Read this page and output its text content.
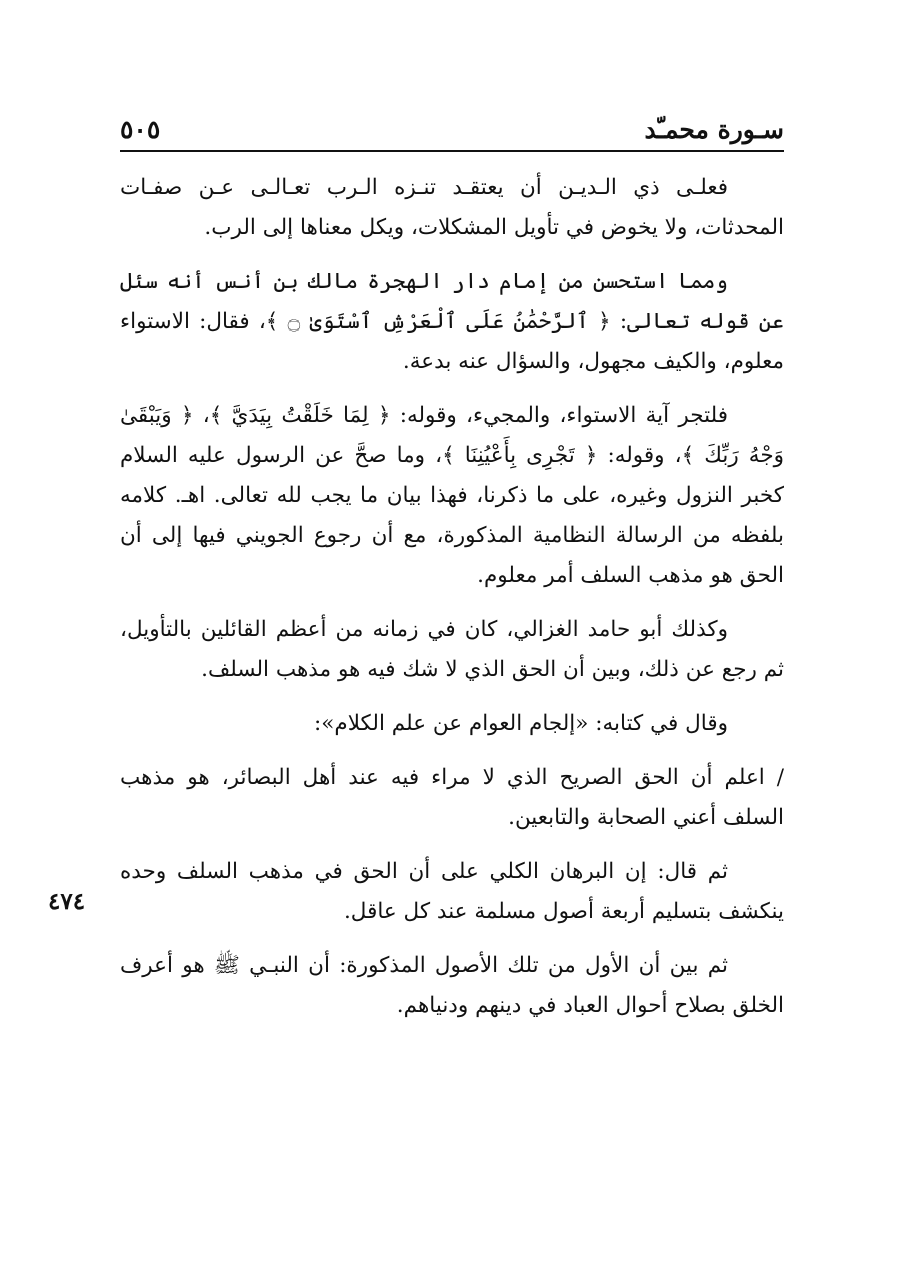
سـورة محمـّد
٥٠٥
٤٧٤

فعلـى ذي الـديـن أن يعتقـد تنـزه الـرب تعـالـى عـن صفـات المحدثات، ولا يخوض في تأويل المشكلات، ويكل معناها إلى الرب.

ومما استحسن من إمام دار الهجرة مالك بن أنس أنه سئل عن قوله تعالى: ﴿ ٱلرَّحْمَٰنُ عَلَى ٱلْعَرْشِ ٱسْتَوَىٰ ۝ ﴾، فقال: الاستواء معلوم، والكيف مجهول، والسؤال عنه بدعة.

فلتجر آية الاستواء، والمجيء، وقوله: ﴿ لِمَا خَلَقْتُ بِيَدَيَّ ﴾، ﴿ وَيَبْقَىٰ وَجْهُ رَبِّكَ ﴾، وقوله: ﴿ تَجْرِى بِأَعْيُنِنَا ﴾، وما صحَّ عن الرسول عليه السلام كخبر النزول وغيره، على ما ذكرنا، فهذا بيان ما يجب لله تعالى. اهـ. كلامه بلفظه من الرسالة النظامية المذكورة، مع أن رجوع الجويني فيها إلى أن الحق هو مذهب السلف أمر معلوم.

وكذلك أبو حامد الغزالي، كان في زمانه من أعظم القائلين بالتأويل، ثم رجع عن ذلك، وبين أن الحق الذي لا شك فيه هو مذهب السلف.

وقال في كتابه: «إلجام العوام عن علم الكلام»:

/ اعلم أن الحق الصريح الذي لا مراء فيه عند أهل البصائر، هو مذهب السلف أعني الصحابة والتابعين.

ثم قال: إن البرهان الكلي على أن الحق في مذهب السلف وحده ينكشف بتسليم أربعة أصول مسلمة عند كل عاقل.

ثم بين أن الأول من تلك الأصول المذكورة: أن النبـي ﷺ هو أعرف الخلق بصلاح أحوال العباد في دينهم ودنياهم.
